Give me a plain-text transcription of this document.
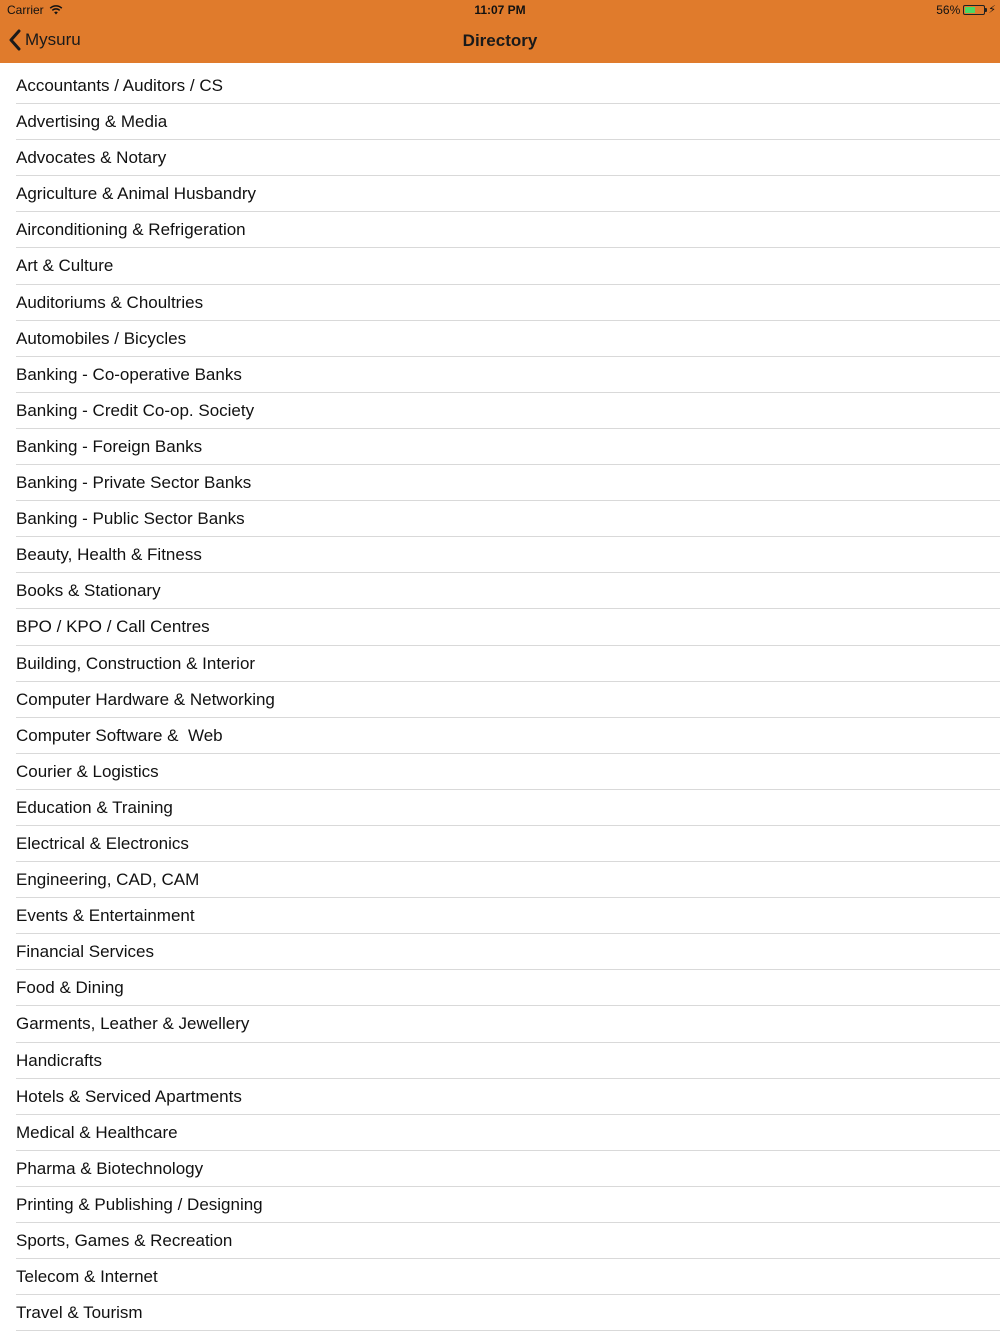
Carrier	11:07 PM	56%	⚡︎
Mysuru	Directory
Accountants / Auditors / CS
Advertising & Media
Advocates & Notary
Agriculture & Animal Husbandry
Airconditioning & Refrigeration
Art & Culture
Auditoriums & Choultries
Automobiles / Bicycles
Banking - Co-operative Banks
Banking - Credit Co-op. Society
Banking - Foreign Banks
Banking - Private Sector Banks
Banking - Public Sector Banks
Beauty, Health & Fitness
Books & Stationary
BPO / KPO / Call Centres
Building, Construction & Interior
Computer Hardware & Networking
Computer Software &  Web
Courier & Logistics
Education & Training
Electrical & Electronics
Engineering, CAD, CAM
Events & Entertainment
Financial Services
Food & Dining
Garments, Leather & Jewellery
Handicrafts
Hotels & Serviced Apartments
Medical & Healthcare
Pharma & Biotechnology
Printing & Publishing / Designing
Sports, Games & Recreation
Telecom & Internet
Travel & Tourism
